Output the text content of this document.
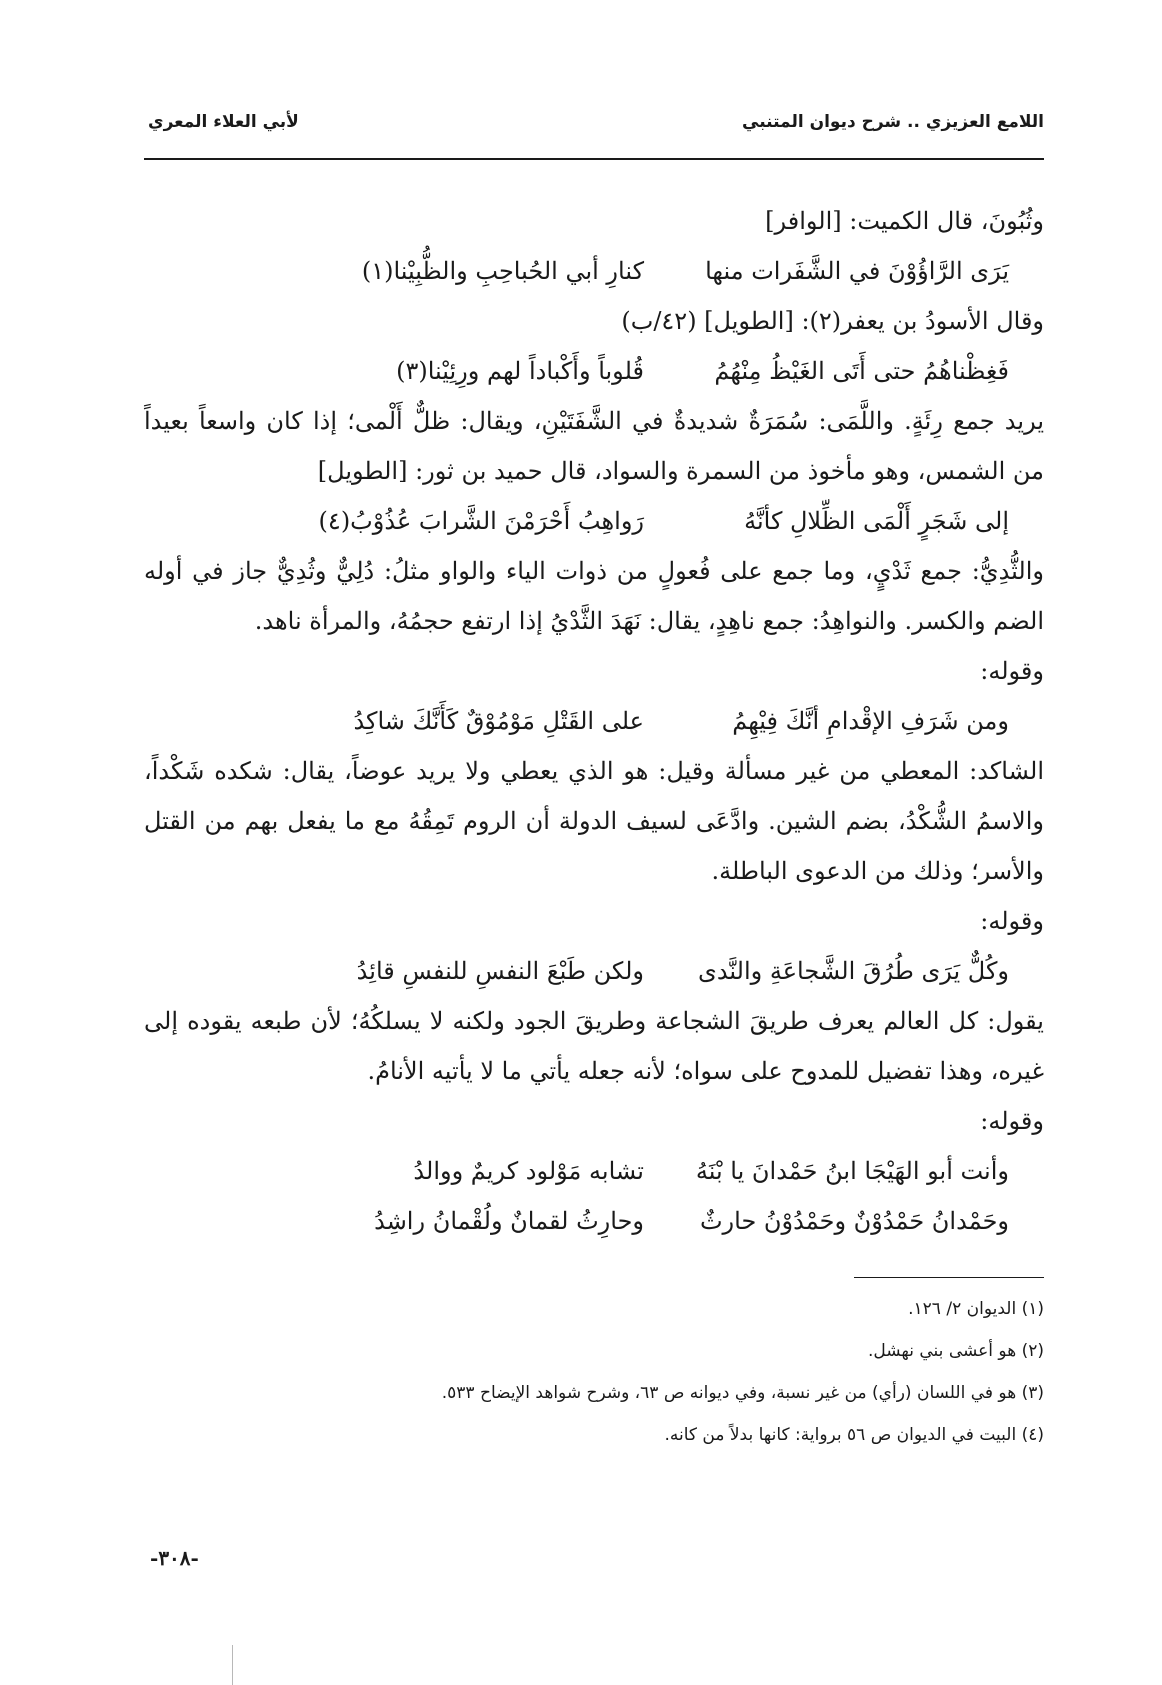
اللامع العزيزي .. شرح ديوان المتنبي
لأبي العلاء المعري

وثُبُونَ، قال الكميت: [الوافر]

يَرَى الرَّاؤُوْنَ في الشَّفَرات منها
كنارِ أبي الحُباحِبِ والظُّبِيْنا(١)

وقال الأسودُ بن يعفر(٢): [الطويل] (٤٢/ب)

فَغِظْناهُمُ حتى أَتَى الغَيْظُ مِنْهُمُ
قُلوباً وأَكْباداً لهم ورِئِيْنا(٣)

يريد جمع رِئَةٍ. واللَّمَى: سُمَرَةٌ شديدةٌ في الشَّفَتَيْنِ، ويقال: ظلٌّ أَلْمى؛ إذا كان واسعاً بعيداً من الشمس، وهو مأخوذ من السمرة والسواد، قال حميد بن ثور: [الطويل]

إلى شَجَرٍ أَلْمَى الظِّلالِ كأنَّهُ
رَواهِبُ أَحْرَمْنَ الشَّرابَ عُذُوْبُ(٤)

والثُّدِيُّ: جمع ثَدْيٍ، وما جمع على فُعولٍ من ذوات الياء والواو مثلُ: دُلِيٌّ وثُدِيٌّ جاز في أوله الضم والكسر. والنواهِدُ: جمع ناهِدٍ، يقال: نَهَدَ الثَّدْيُ إذا ارتفع حجمُهُ، والمرأة ناهد.

وقوله:

ومن شَرَفِ الإقْدامِ أنَّكَ فِيْهِمُ
على القَتْلِ مَوْمُوْقٌ كَأَنَّكَ شاكِدُ

الشاكد: المعطي من غير مسألة وقيل: هو الذي يعطي ولا يريد عوضاً، يقال: شكده شَكْداً، والاسمُ الشُّكْدُ، بضم الشين. وادَّعَى لسيف الدولة أن الروم تَمِقُهُ مع ما يفعل بهم من القتل والأسر؛ وذلك من الدعوى الباطلة.

وقوله:

وكُلٌّ يَرَى طُرُقَ الشَّجاعَةِ والنَّدى
ولكن طَبْعَ النفسِ للنفسِ قائِدُ

يقول: كل العالم يعرف طريقَ الشجاعة وطريقَ الجود ولكنه لا يسلكُهُ؛ لأن طبعه يقوده إلى غيره، وهذا تفضيل للمدوح على سواه؛ لأنه جعله يأتي ما لا يأتيه الأنامُ.

وقوله:

وأنت أبو الهَيْجَا ابنُ حَمْدانَ يا بْنَهُ
تشابه مَوْلود كريمٌ ووالدُ
وحَمْدانُ حَمْدُوْنٌ وحَمْدُوْنُ حارثٌ
وحارِثُ لقمانٌ ولُقْمانُ راشِدُ

(١) الديوان ٢/ ١٢٦.

(٢) هو أعشى بني نهشل.

(٣) هو في اللسان (رأي) من غير نسبة، وفي ديوانه ص ٦٣، وشرح شواهد الإيضاح ٥٣٣.

(٤) البيت في الديوان ص ٥٦ برواية: كانها بدلاً من كانه.

-٣٠٨-
